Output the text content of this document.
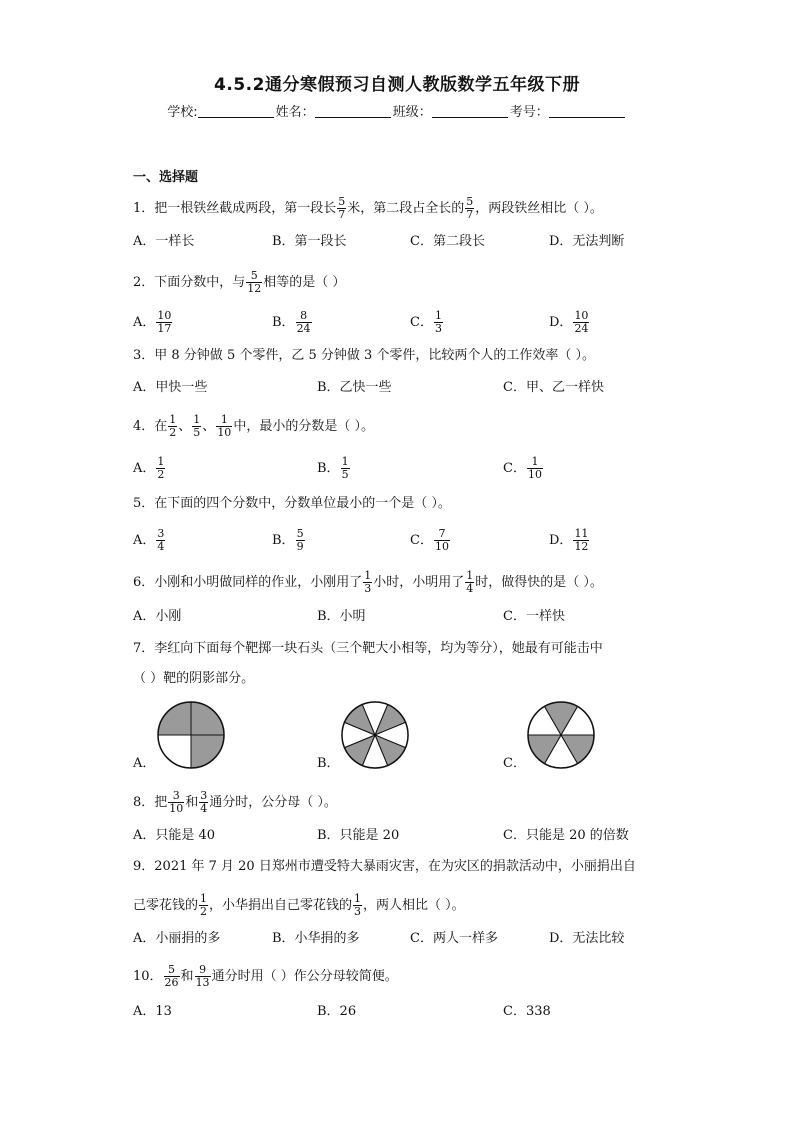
4.5.2通分寒假预习自测人教版数学五年级下册
学校:	姓名：	班级：	考号：
一、选择题
1．把一根铁丝截成两段，第一段长 $\frac{5}{7}$ 米，第二段占全长的 $\frac{5}{7}$ ，两段铁丝相比（ ）。
A．一样长	B．第一段长	C．第二段长	D．无法判断
2．下面分数中，与 $\frac{5}{12}$ 相等的是（ ）
A． $\frac{10}{17}$	B． $\frac{8}{24}$	C． $\frac{1}{3}$	D． $\frac{10}{24}$
3．甲 8 分钟做 5 个零件，乙 5 分钟做 3 个零件，比较两个人的工作效率（ ）。
A．甲快一些	B．乙快一些	C．甲、乙一样快
4．在 $\frac{1}{2}$ 、 $\frac{1}{5}$ 、 $\frac{1}{10}$ 中，最小的分数是（ ）。
A． $\frac{1}{2}$	B． $\frac{1}{5}$	C． $\frac{1}{10}$
5．在下面的四个分数中，分数单位最小的一个是（ ）。
A． $\frac{3}{4}$	B． $\frac{5}{9}$	C． $\frac{7}{10}$	D． $\frac{11}{12}$
6．小刚和小明做同样的作业，小刚用了 $\frac{1}{3}$ 小时，小明用了 $\frac{1}{4}$ 时，做得快的是（ ）。
A．小刚	B．小明	C．一样快
7．李红向下面每个靶掷一块石头（三个靶大小相等，均为等分），她最有可能击中
（ ）靶的阴影部分。
A．	B．	C．
8．把 $\frac{3}{10}$ 和 $\frac{3}{4}$ 通分时，公分母（ ）。
A．只能是 40	B．只能是 20	C．只能是 20 的倍数
9．2021 年 7 月 20 日郑州市遭受特大暴雨灾害，在为灾区的捐款活动中，小丽捐出自
己零花钱的 $\frac{1}{2}$ ，小华捐出自己零花钱的 $\frac{1}{3}$ ，两人相比（ ）。
A．小丽捐的多	B．小华捐的多	C．两人一样多	D．无法比较
10． $\frac{5}{26}$ 和 $\frac{9}{13}$ 通分时用（ ）作公分母较简便。
A．13	B．26	C．338
